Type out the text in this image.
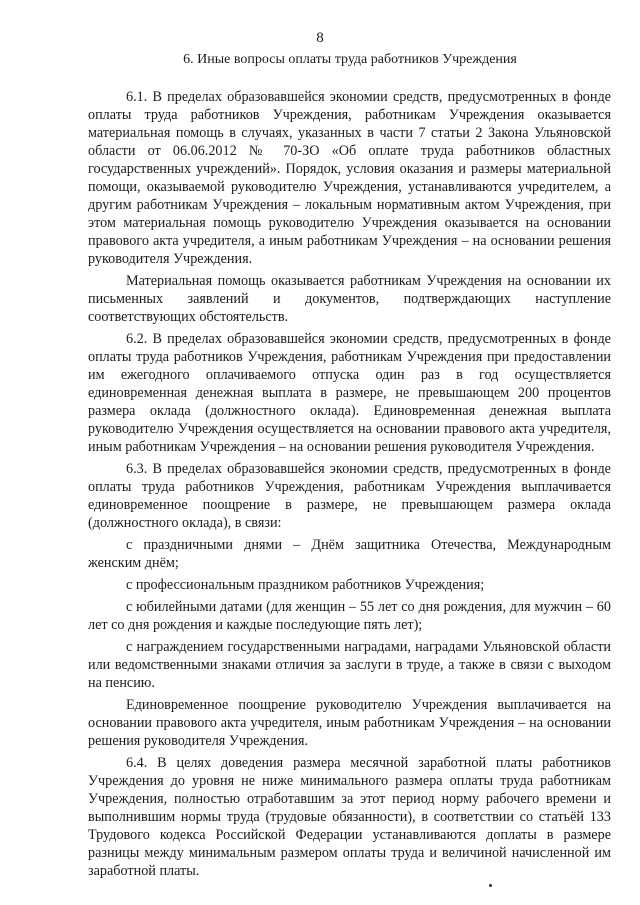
8
6. Иные вопросы оплаты труда работников Учреждения

6.1. В пределах образовавшейся экономии средств, предусмотренных в фонде оплаты труда работников Учреждения, работникам Учреждения оказывается материальная помощь в случаях, указанных в части 7 статьи 2 Закона Ульяновской области от 06.06.2012 № 70-ЗО «Об оплате труда работников областных государственных учреждений». Порядок, условия оказания и размеры материальной помощи, оказываемой руководителю Учреждения, устанавливаются учредителем, а другим работникам Учреждения – локальным нормативным актом Учреждения, при этом материальная помощь руководителю Учреждения оказывается на основании правового акта учредителя, а иным работникам Учреждения – на основании решения руководителя Учреждения.

Материальная помощь оказывается работникам Учреждения на основании их письменных заявлений и документов, подтверждающих наступление соответствующих обстоятельств.

6.2. В пределах образовавшейся экономии средств, предусмотренных в фонде оплаты труда работников Учреждения, работникам Учреждения при предоставлении им ежегодного оплачиваемого отпуска один раз в год осуществляется единовременная денежная выплата в размере, не превышающем 200 процентов размера оклада (должностного оклада). Единовременная денежная выплата руководителю Учреждения осуществляется на основании правового акта учредителя, иным работникам Учреждения – на основании решения руководителя Учреждения.

6.3. В пределах образовавшейся экономии средств, предусмотренных в фонде оплаты труда работников Учреждения, работникам Учреждения выплачивается единовременное поощрение в размере, не превышающем размера оклада (должностного оклада), в связи:

с праздничными днями – Днём защитника Отечества, Международным женским днём;

с профессиональным праздником работников Учреждения;

с юбилейными датами (для женщин – 55 лет со дня рождения, для мужчин – 60 лет со дня рождения и каждые последующие пять лет);

с награждением государственными наградами, наградами Ульяновской области или ведомственными знаками отличия за заслуги в труде, а также в связи с выходом на пенсию.

Единовременное поощрение руководителю Учреждения выплачивается на основании правового акта учредителя, иным работникам Учреждения – на основании решения руководителя Учреждения.

6.4. В целях доведения размера месячной заработной платы работников Учреждения до уровня не ниже минимального размера оплаты труда работникам Учреждения, полностью отработавшим за этот период норму рабочего времени и выполнившим нормы труда (трудовые обязанности), в соответствии со статьёй 133 Трудового кодекса Российской Федерации устанавливаются доплаты в размере разницы между минимальным размером оплаты труда и величиной начисленной им заработной платы.
